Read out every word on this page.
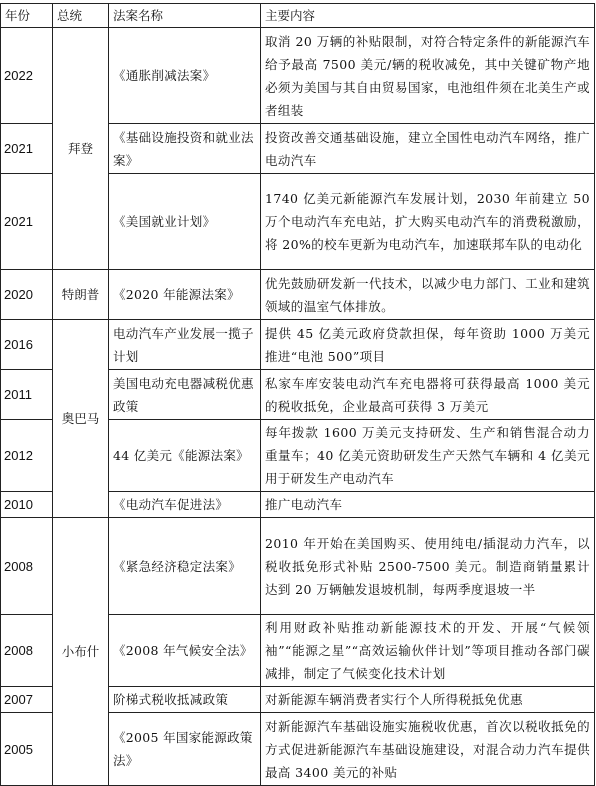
年份	总统	法案名称	主要内容
2022	拜登	《通胀削减法案》	取消 20 万辆的补贴限制，对符合特定条件的新能源汽车给予最高 7500 美元/辆的税收减免，其中关键矿物产地必须为美国与其自由贸易国家，电池组件须在北美生产或者组装
2021		《基础设施投资和就业法案》	投资改善交通基础设施，建立全国性电动汽车网络，推广电动汽车
2021		《美国就业计划》	1740 亿美元新能源汽车发展计划，2030 年前建立 50 万个电动汽车充电站，扩大购买电动汽车的消费税激励，将 20%的校车更新为电动汽车，加速联邦车队的电动化
2020	特朗普	《2020 年能源法案》	优先鼓励研发新一代技术，以减少电力部门、工业和建筑领域的温室气体排放。
2016	奥巴马	电动汽车产业发展一揽子计划	提供 45 亿美元政府贷款担保，每年资助 1000 万美元推进“电池 500”项目
2011		美国电动充电器减税优惠政策	私家车库安装电动汽车充电器将可获得最高 1000 美元的税收抵免，企业最高可获得 3 万美元
2012		44 亿美元《能源法案》	每年拨款 1600 万美元支持研发、生产和销售混合动力重量车；40 亿美元资助研发生产天然气车辆和 4 亿美元用于研发生产电动汽车
2010		《电动汽车促进法》	推广电动汽车
2008	小布什	《紧急经济稳定法案》	2010 年开始在美国购买、使用纯电/插混动力汽车，以税收抵免形式补贴 2500-7500 美元。制造商销量累计达到 20 万辆触发退坡机制，每两季度退坡一半
2008		《2008 年气候安全法》	利用财政补贴推动新能源技术的开发、开展“气候领袖”“能源之星”“高效运输伙伴计划”等项目推动各部门碳减排，制定了气候变化技术计划
2007		阶梯式税收抵减政策	对新能源车辆消费者实行个人所得税抵免优惠
2005		《2005 年国家能源政策法》	对新能源汽车基础设施实施税收优惠，首次以税收抵免的方式促进新能源汽车基础设施建设，对混合动力汽车提供最高 3400 美元的补贴
